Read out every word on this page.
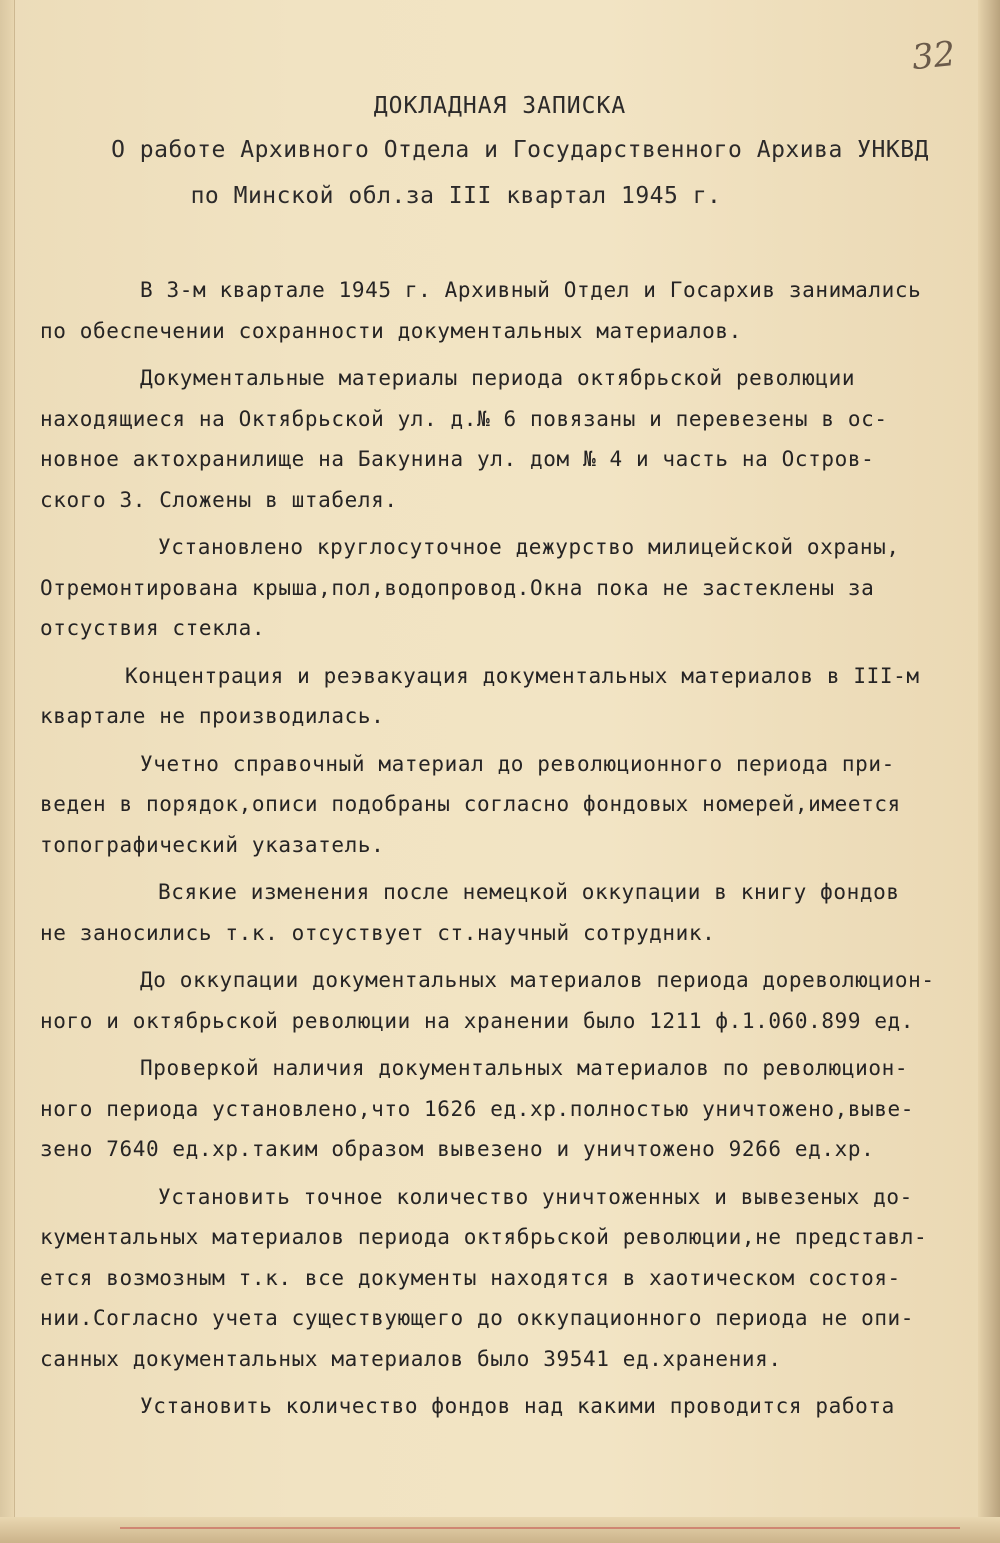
32
ДОКЛАДНАЯ ЗАПИСКА
О работе Архивного Отдела и Государственного Архива УНКВД
по Минской обл.за III квартал 1945 г.
В 3-м квартале 1945 г. Архивный Отдел и Госархив занимались
по обеспечении сохранности документальных материалов.
Документальные материалы периода октябрьской революции
находящиеся на Октябрьской ул. д.№ 6 повязаны и перевезены в ос-
новное актохранилище на Бакунина ул. дом № 4 и часть на Остров-
ского 3. Сложены в штабеля.
Установлено круглосуточное дежурство милицейской охраны,
Отремонтирована крыша,пол,водопровод.Окна пока не застеклены за
отсуствия стекла.
Концентрация и реэвакуация документальных материалов в III-м
квартале не производилась.
Учетно справочный материал до революционного периода при-
веден в порядок,описи подобраны согласно фондовых номерей,имеется
топографический указатель.
Всякие изменения после немецкой оккупации в книгу фондов
не заносились т.к. отсуствует ст.научный сотрудник.
До оккупации документальных материалов периода дореволюцион-
ного и октябрьской революции на хранении было 1211 ф.1.060.899 ед.
Проверкой наличия документальных материалов по революцион-
ного периода установлено,что 1626 ед.хр.полностью уничтожено,выве-
зено 7640 ед.хр.таким образом вывезено и уничтожено 9266 ед.хр.
Установить точное количество уничтоженных и вывезеных до-
кументальных материалов периода октябрьской революции,не представл-
ется возмозным т.к. все документы находятся в хаотическом состоя-
нии.Согласно учета существующего до оккупационного периода не опи-
санных документальных материалов было 39541 ед.хранения.
Установить количество фондов над какими проводится работа
